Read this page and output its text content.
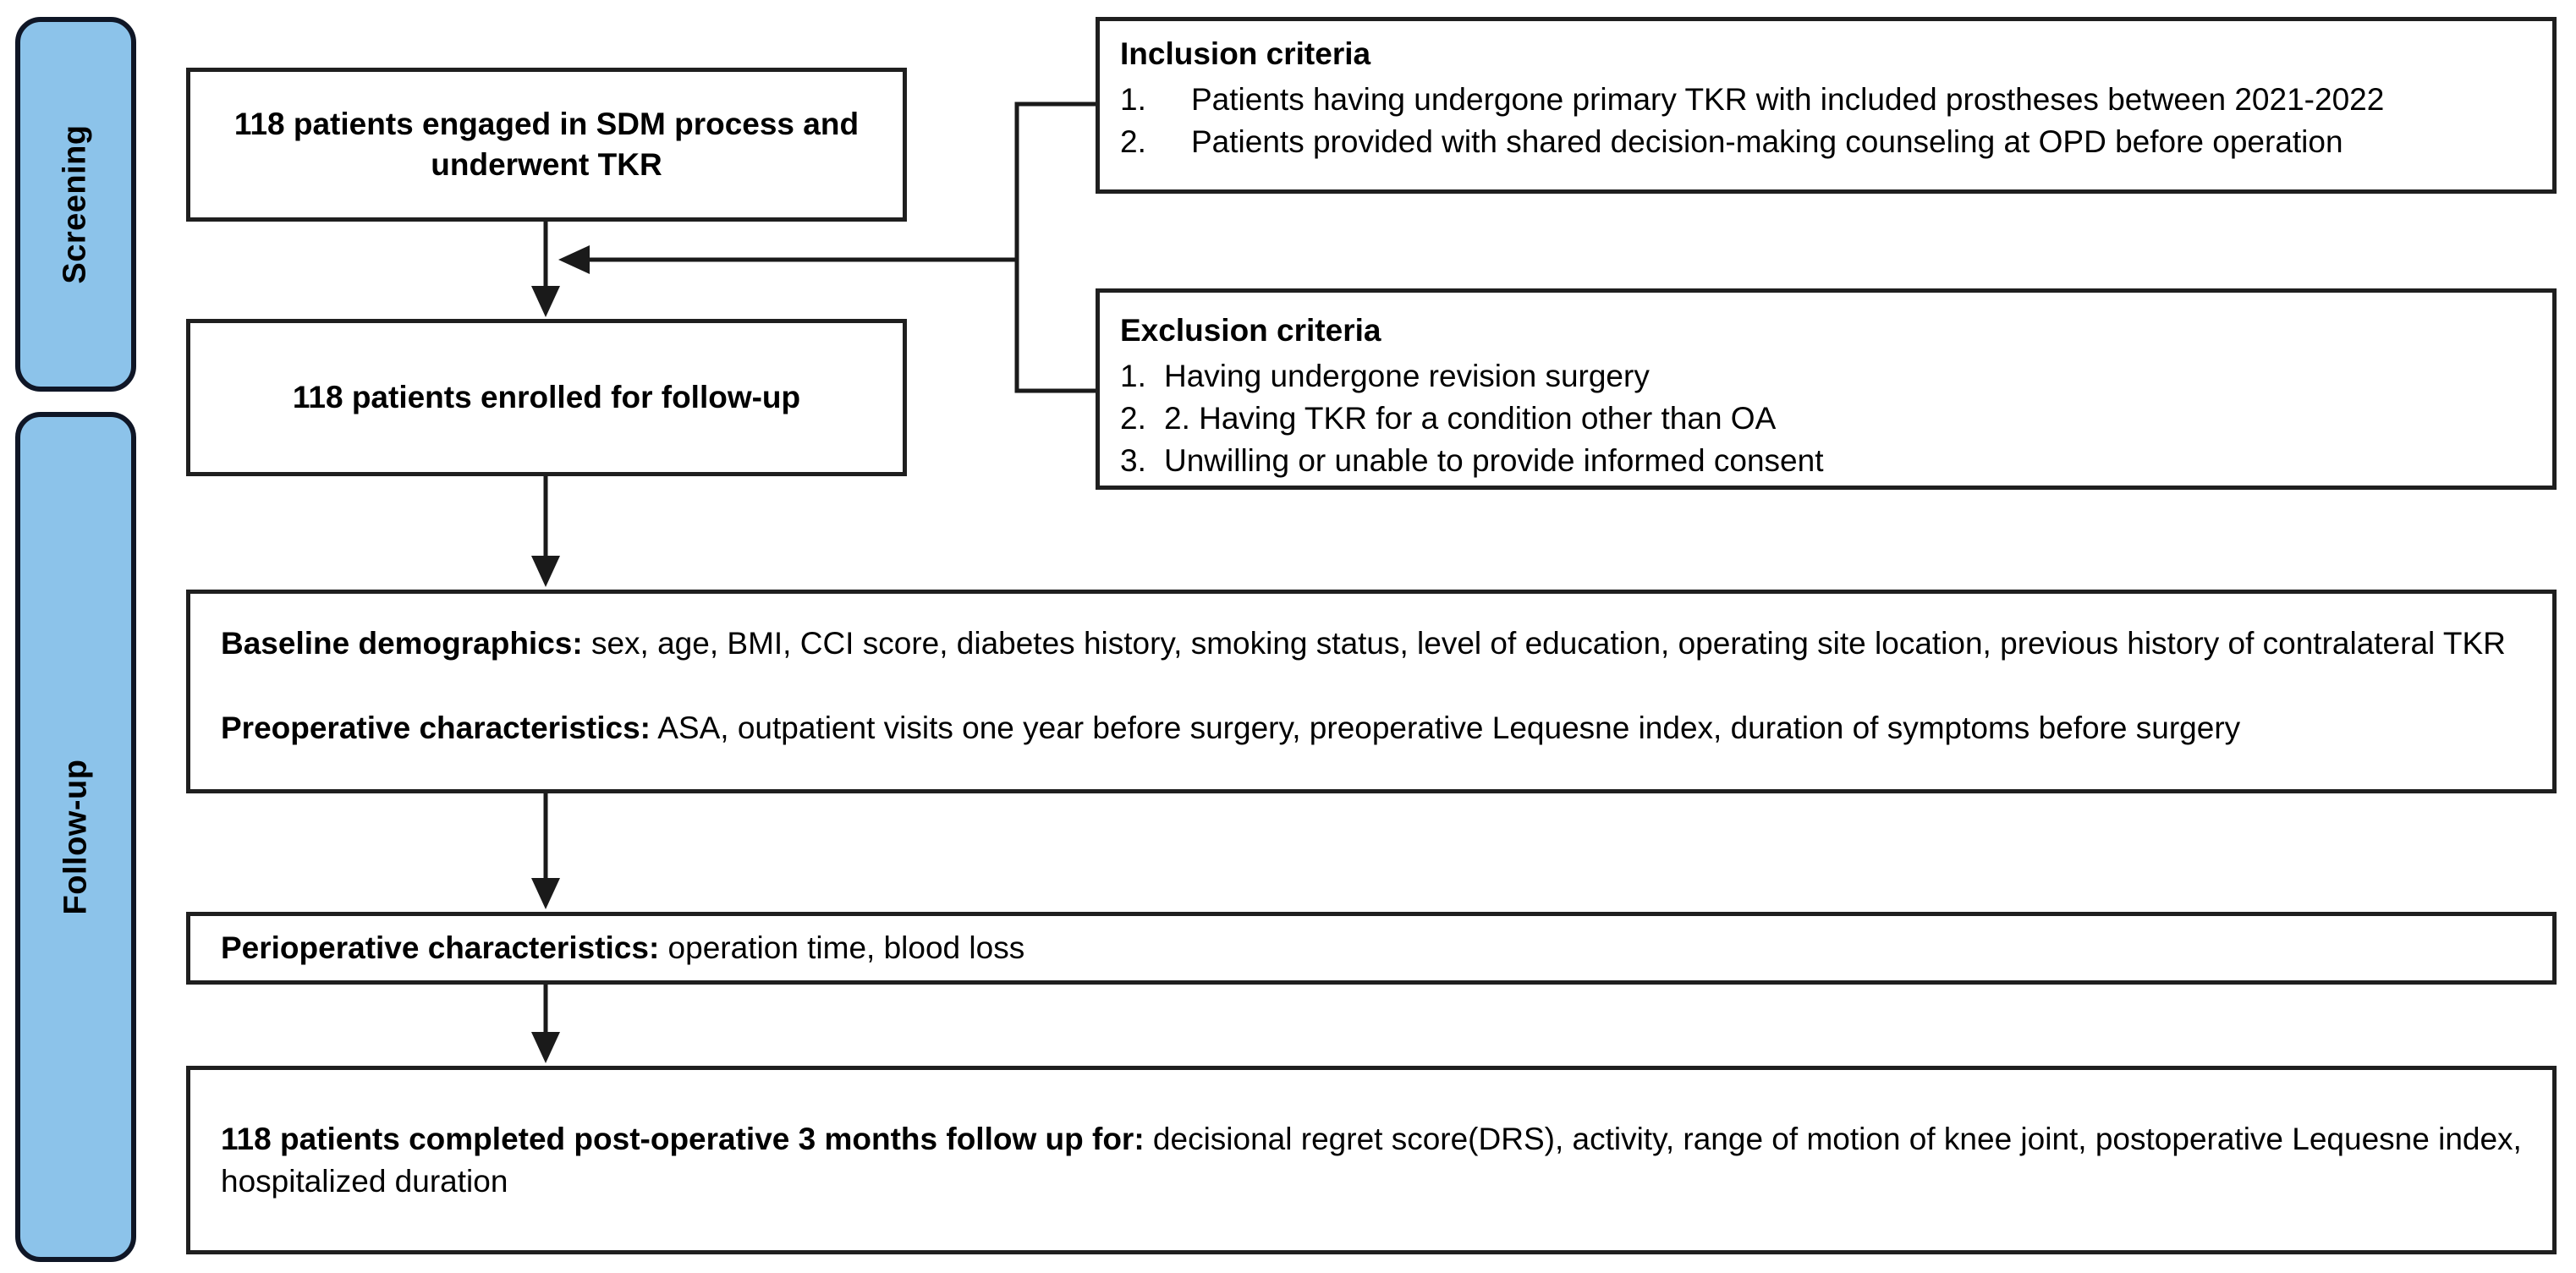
Screening
Follow-up
118 patients engaged in SDM process and underwent TKR
118 patients enrolled for follow-up

Inclusion criteria

1.	Patients having undergone primary TKR with included prostheses between 2021-2022
2.	Patients provided with shared decision-making counseling at OPD before operation

Exclusion criteria

1. Having undergone revision surgery
2. 2. Having TKR for a condition other than OA
3. Unwilling or unable to provide informed consent

Baseline demographics: sex, age, BMI, CCI score, diabetes history, smoking status, level of education, operating site location, previous history of contralateral TKR

Preoperative characteristics: ASA, outpatient visits one year before surgery, preoperative Lequesne index, duration of symptoms before surgery

Perioperative characteristics: operation time, blood loss

118 patients completed post-operative 3 months follow up for: decisional regret score(DRS), activity, range of motion of knee joint, postoperative Lequesne index, hospitalized duration
